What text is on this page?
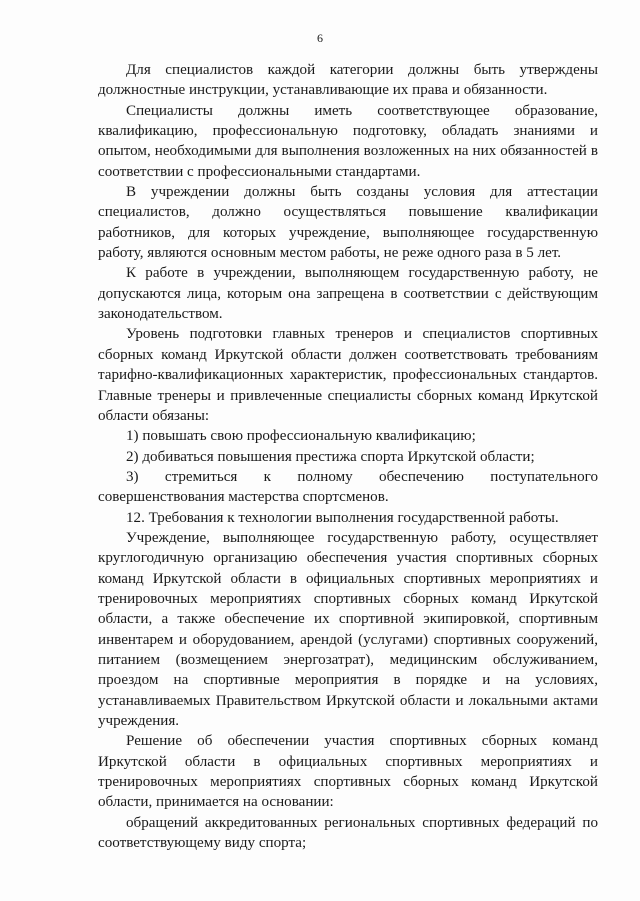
6

Для специалистов каждой категории должны быть утверждены должностные инструкции, устанавливающие их права и обязанности.

Специалисты должны иметь соответствующее образование, квалификацию, профессиональную подготовку, обладать знаниями и опытом, необходимыми для выполнения возложенных на них обязанностей в соответствии с профессиональными стандартами.

В учреждении должны быть созданы условия для аттестации специалистов, должно осуществляться повышение квалификации работников, для которых учреждение, выполняющее государственную работу, являются основным местом работы, не реже одного раза в 5 лет.

К работе в учреждении, выполняющем государственную работу, не допускаются лица, которым она запрещена в соответствии с действующим законодательством.

Уровень подготовки главных тренеров и специалистов спортивных сборных команд Иркутской области должен соответствовать требованиям тарифно-квалификационных характеристик, профессиональных стандартов. Главные тренеры и привлеченные специалисты сборных команд Иркутской области обязаны:

1) повышать свою профессиональную квалификацию;

2) добиваться повышения престижа спорта Иркутской области;

3) стремиться к полному обеспечению поступательного совершенствования мастерства спортсменов.

12. Требования к технологии выполнения государственной работы.

Учреждение, выполняющее государственную работу, осуществляет круглогодичную организацию обеспечения участия спортивных сборных команд Иркутской области в официальных спортивных мероприятиях и тренировочных мероприятиях спортивных сборных команд Иркутской области, а также обеспечение их спортивной экипировкой, спортивным инвентарем и оборудованием, арендой (услугами) спортивных сооружений, питанием (возмещением энергозатрат), медицинским обслуживанием, проездом на спортивные мероприятия в порядке и на условиях, устанавливаемых Правительством Иркутской области и локальными актами учреждения.

Решение об обеспечении участия спортивных сборных команд Иркутской области в официальных спортивных мероприятиях и тренировочных мероприятиях спортивных сборных команд Иркутской области, принимается на основании:

обращений аккредитованных региональных спортивных федераций по соответствующему виду спорта;
